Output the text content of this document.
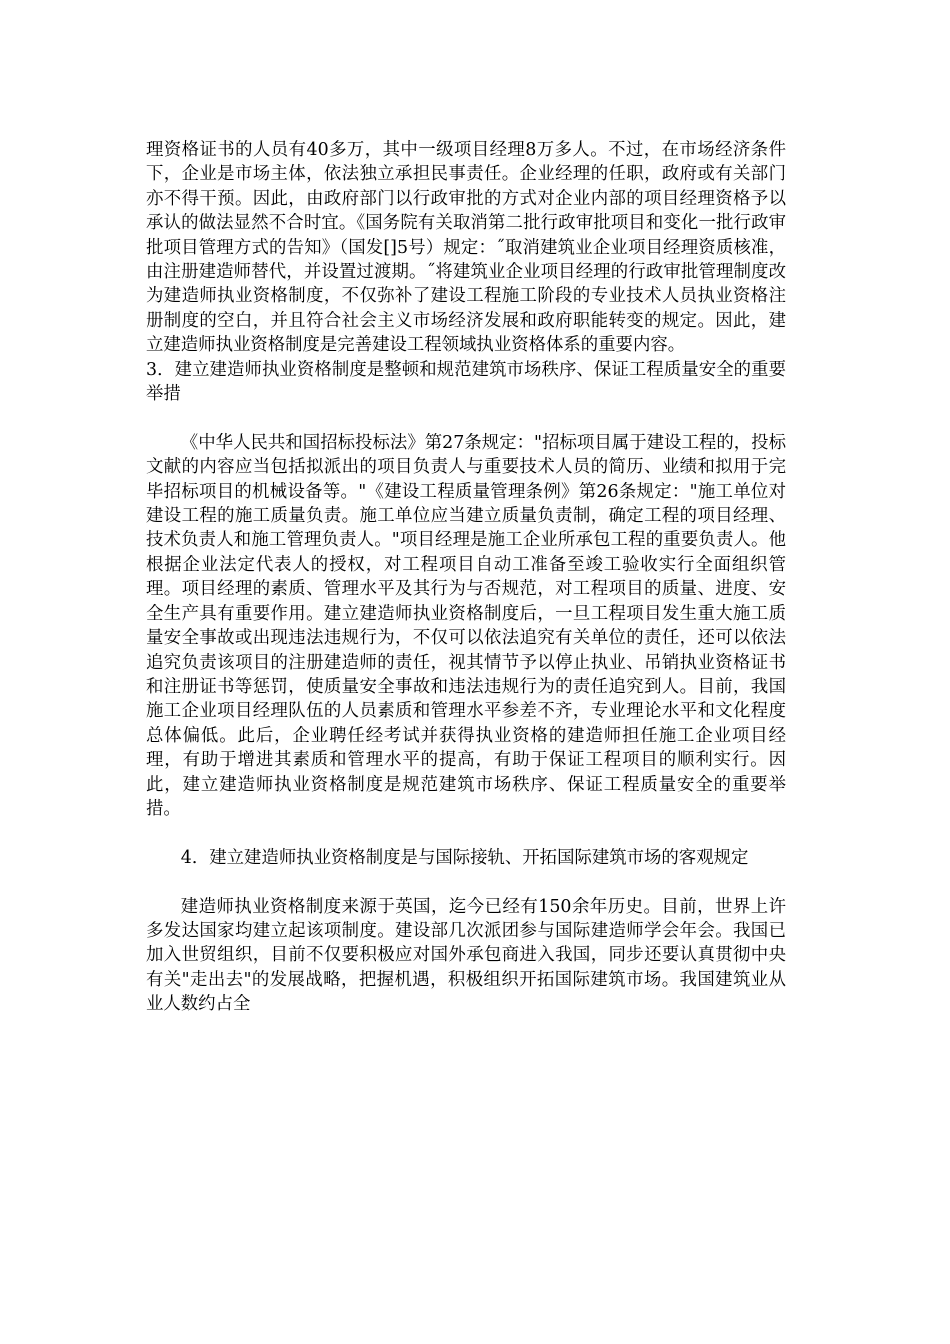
理资格证书的人员有40多万，其中一级项目经理8万多人。不过，在市场经济条件下，企业是市场主体，依法独立承担民事责任。企业经理的任职，政府或有关部门亦不得干预。因此，由政府部门以行政审批的方式对企业内部的项目经理资格予以承认的做法显然不合时宜。《国务院有关取消第二批行政审批项目和变化一批行政审批项目管理方式的告知》（国发[]5号）规定：˝取消建筑业企业项目经理资质核准，由注册建造师替代，并设置过渡期。˝将建筑业企业项目经理的行政审批管理制度改为建造师执业资格制度，不仅弥补了建设工程施工阶段的专业技术人员执业资格注册制度的空白，并且符合社会主义市场经济发展和政府职能转变的规定。因此，建立建造师执业资格制度是完善建设工程领域执业资格体系的重要内容。

3．建立建造师执业资格制度是整顿和规范建筑市场秩序、保证工程质量安全的重要举措

《中华人民共和国招标投标法》第27条规定："招标项目属于建设工程的，投标文献的内容应当包括拟派出的项目负责人与重要技术人员的简历、业绩和拟用于完毕招标项目的机械设备等。"《建设工程质量管理条例》第26条规定："施工单位对建设工程的施工质量负责。施工单位应当建立质量负责制，确定工程的项目经理、技术负责人和施工管理负责人。"项目经理是施工企业所承包工程的重要负责人。他根据企业法定代表人的授权，对工程项目自动工准备至竣工验收实行全面组织管理。项目经理的素质、管理水平及其行为与否规范，对工程项目的质量、进度、安全生产具有重要作用。建立建造师执业资格制度后，一旦工程项目发生重大施工质量安全事故或出现违法违规行为，不仅可以依法追究有关单位的责任，还可以依法追究负责该项目的注册建造师的责任，视其情节予以停止执业、吊销执业资格证书和注册证书等惩罚，使质量安全事故和违法违规行为的责任追究到人。目前，我国施工企业项目经理队伍的人员素质和管理水平参差不齐，专业理论水平和文化程度总体偏低。此后，企业聘任经考试并获得执业资格的建造师担任施工企业项目经理，有助于增进其素质和管理水平的提高，有助于保证工程项目的顺利实行。因此，建立建造师执业资格制度是规范建筑市场秩序、保证工程质量安全的重要举措。

4．建立建造师执业资格制度是与国际接轨、开拓国际建筑市场的客观规定

建造师执业资格制度来源于英国，迄今已经有150余年历史。目前，世界上许多发达国家均建立起该项制度。建设部几次派团参与国际建造师学会年会。我国已加入世贸组织，目前不仅要积极应对国外承包商进入我国，同步还要认真贯彻中央有关"走出去"的发展战略，把握机遇，积极组织开拓国际建筑市场。我国建筑业从业人数约占全
